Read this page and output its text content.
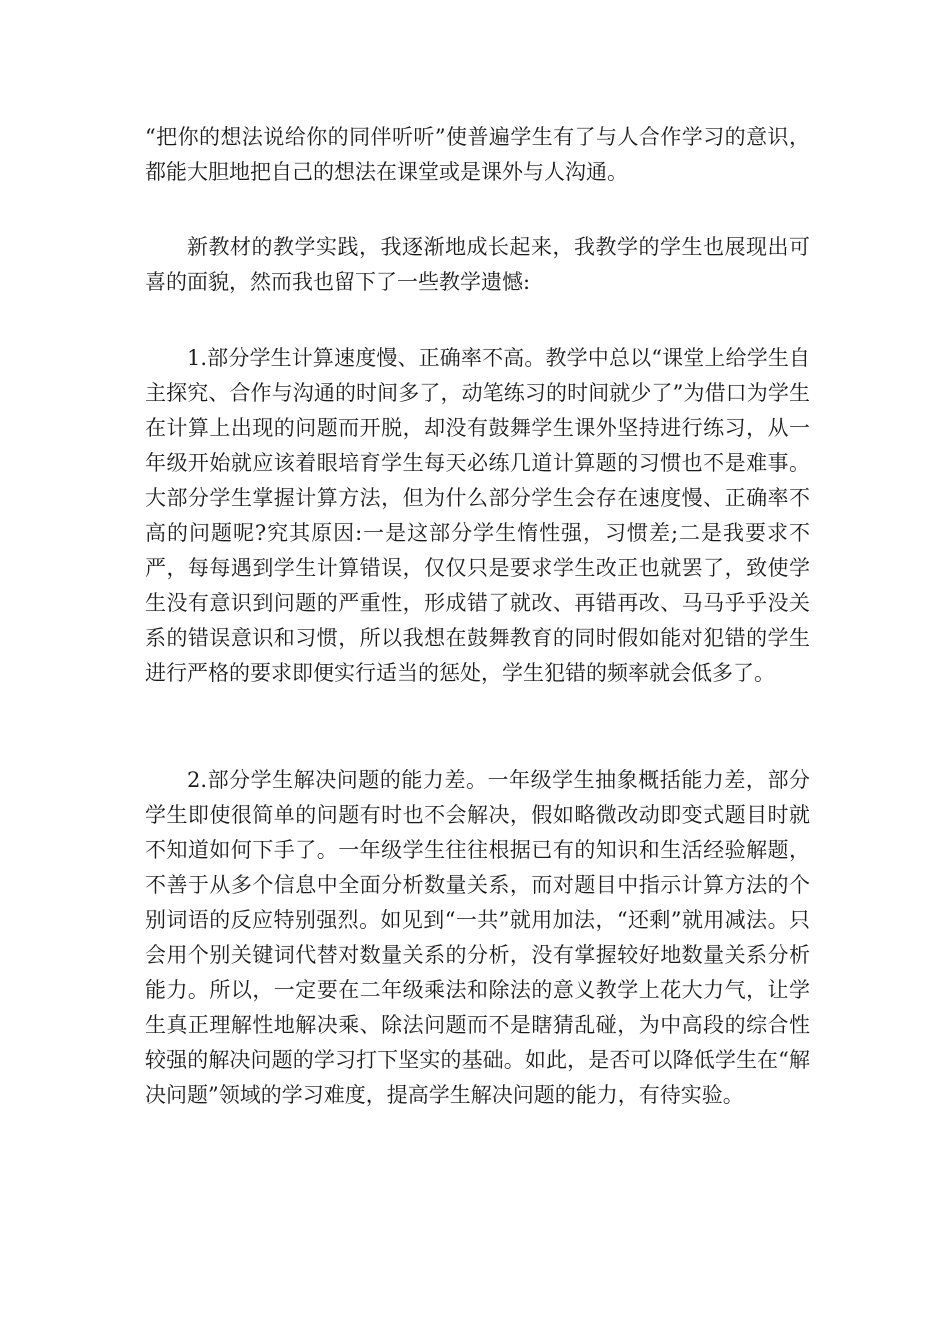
“把你的想法说给你的同伴听听”使普遍学生有了与人合作学习的意识，都能大胆地把自己的想法在课堂或是课外与人沟通。

新教材的教学实践，我逐渐地成长起来，我教学的学生也展现出可喜的面貌，然而我也留下了一些教学遗憾:

1.部分学生计算速度慢、正确率不高。教学中总以“课堂上给学生自主探究、合作与沟通的时间多了，动笔练习的时间就少了”为借口为学生在计算上出现的问题而开脱，却没有鼓舞学生课外坚持进行练习，从一年级开始就应该着眼培育学生每天必练几道计算题的习惯也不是难事。大部分学生掌握计算方法，但为什么部分学生会存在速度慢、正确率不高的问题呢?究其原因:一是这部分学生惰性强，习惯差;二是我要求不严，每每遇到学生计算错误，仅仅只是要求学生改正也就罢了，致使学生没有意识到问题的严重性，形成错了就改、再错再改、马马乎乎没关系的错误意识和习惯，所以我想在鼓舞教育的同时假如能对犯错的学生进行严格的要求即便实行适当的惩处，学生犯错的频率就会低多了。

2.部分学生解决问题的能力差。一年级学生抽象概括能力差，部分学生即使很简单的问题有时也不会解决，假如略微改动即变式题目时就不知道如何下手了。一年级学生往往根据已有的知识和生活经验解题，不善于从多个信息中全面分析数量关系，而对题目中指示计算方法的个别词语的反应特别强烈。如见到“一共”就用加法，“还剩”就用减法。只会用个别关键词代替对数量关系的分析，没有掌握较好地数量关系分析能力。所以，一定要在二年级乘法和除法的意义教学上花大力气，让学生真正理解性地解决乘、除法问题而不是瞎猜乱碰，为中高段的综合性较强的解决问题的学习打下坚实的基础。如此，是否可以降低学生在“解决问题”领域的学习难度，提高学生解决问题的能力，有待实验。
